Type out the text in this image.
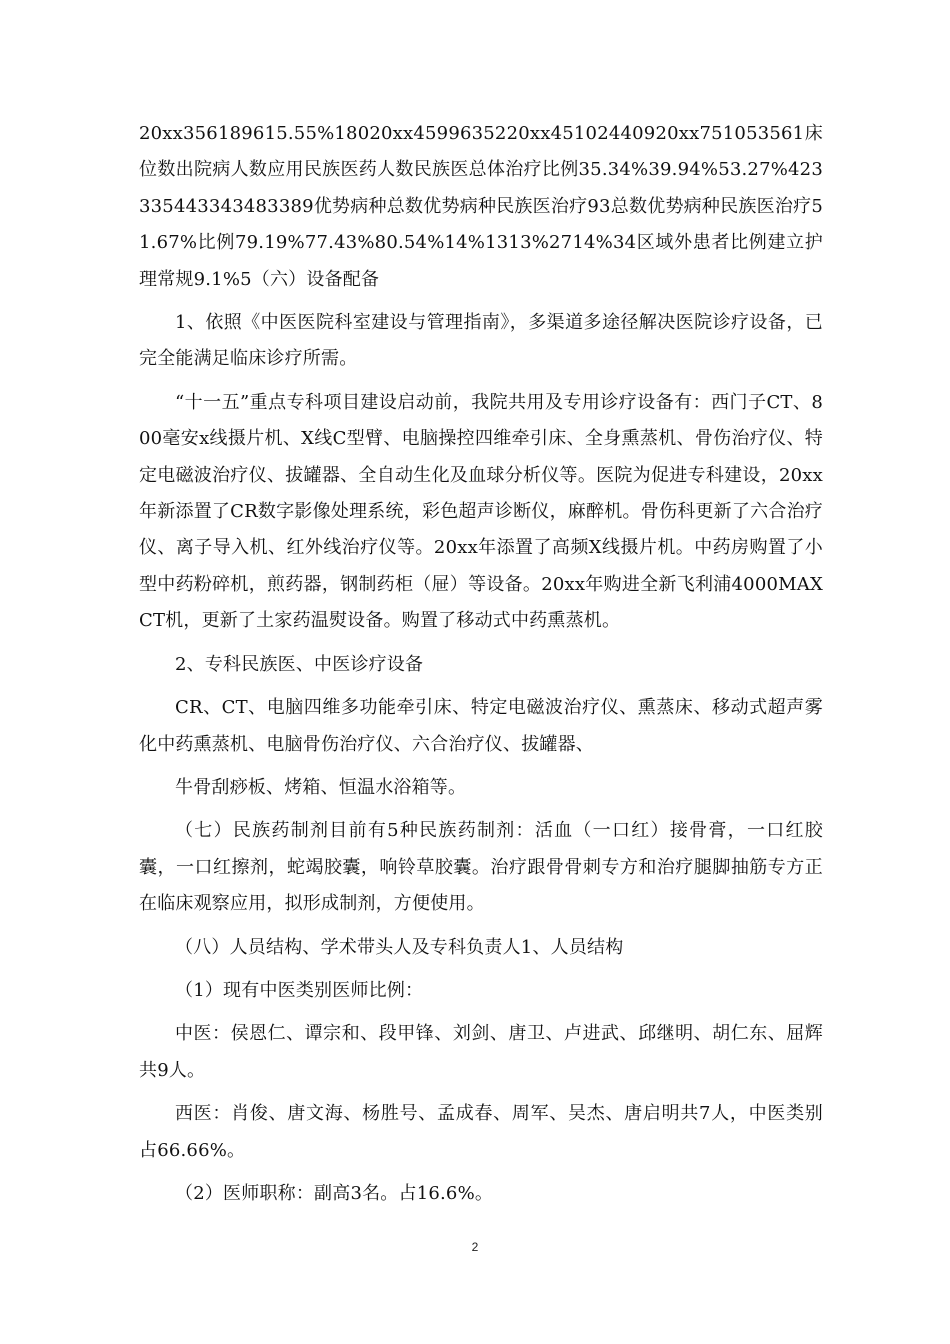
20xx356189615.55%18020xx4599635220xx45102440920xx751053561床位数出院病人数应用民族医药人数民族医总体治疗比例35.34%39.94%53.27%423335443343483389优势病种总数优势病种民族医治疗93总数优势病种民族医治疗51.67%比例79.19%77.43%80.54%14%1313%2714%34区域外患者比例建立护理常规9.1%5（六）设备配备

1、依照《中医医院科室建设与管理指南》，多渠道多途径解决医院诊疗设备，已完全能满足临床诊疗所需。

“十一五”重点专科项目建设启动前，我院共用及专用诊疗设备有：西门子CT、800毫安x线摄片机、X线C型臂、电脑操控四维牵引床、全身熏蒸机、骨伤治疗仪、特定电磁波治疗仪、拔罐器、全自动生化及血球分析仪等。医院为促进专科建设，20xx年新添置了CR数字影像处理系统，彩色超声诊断仪，麻醉机。骨伤科更新了六合治疗仪、离子导入机、红外线治疗仪等。20xx年添置了高频X线摄片机。中药房购置了小型中药粉碎机，煎药器，钢制药柜（屉）等设备。20xx年购进全新飞利浦4000MAXCT机，更新了土家药温熨设备。购置了移动式中药熏蒸机。

2、专科民族医、中医诊疗设备

CR、CT、电脑四维多功能牵引床、特定电磁波治疗仪、熏蒸床、移动式超声雾化中药熏蒸机、电脑骨伤治疗仪、六合治疗仪、拔罐器、

牛骨刮痧板、烤箱、恒温水浴箱等。

（七）民族药制剂目前有5种民族药制剂：活血（一口红）接骨膏，一口红胶囊，一口红擦剂，蛇竭胶囊，响铃草胶囊。治疗跟骨骨刺专方和治疗腿脚抽筋专方正在临床观察应用，拟形成制剂，方便使用。

（八）人员结构、学术带头人及专科负责人1、人员结构

（1）现有中医类别医师比例：

中医：侯恩仁、谭宗和、段甲锋、刘剑、唐卫、卢进武、邱继明、胡仁东、屈辉共9人。

西医：肖俊、唐文海、杨胜号、孟成春、周军、吴杰、唐启明共7人，中医类别占66.66%。

（2）医师职称：副高3名。占16.6%。

2
